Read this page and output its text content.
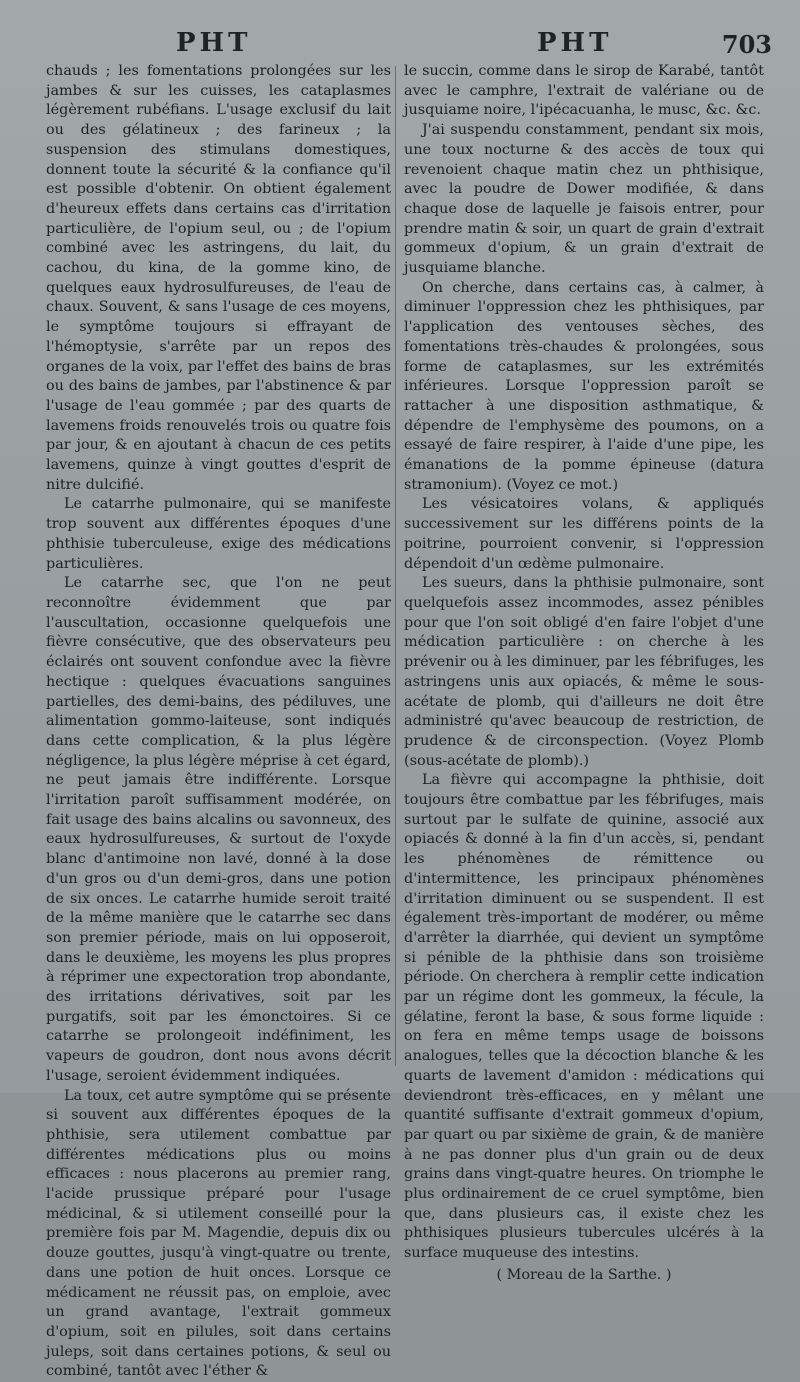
PHT	PHT	703

chauds ; les fomentations prolongées sur les jambes & sur les cuisses, les cataplasmes légèrement rubéfians. L'usage exclusif du lait ou des gélatineux ; des farineux ; la suspension des stimulans domestiques, donnent toute la sécurité & la confiance qu'il est possible d'obtenir. On obtient également d'heureux effets dans certains cas d'irritation particulière, de l'opium seul, ou ; de l'opium combiné avec les astringens, du lait, du cachou, du kina, de la gomme kino, de quelques eaux hydrosulfureuses, de l'eau de chaux. Souvent, & sans l'usage de ces moyens, le symptôme toujours si effrayant de l'hémoptysie, s'arrête par un repos des organes de la voix, par l'effet des bains de bras ou des bains de jambes, par l'abstinence & par l'usage de l'eau gommée ; par des quarts de lavemens froids renouvelés trois ou quatre fois par jour, & en ajoutant à chacun de ces petits lavemens, quinze à vingt gouttes d'esprit de nitre dulcifié.

Le catarrhe pulmonaire, qui se manifeste trop souvent aux différentes époques d'une phthisie tuberculeuse, exige des médications particulières.

Le catarrhe sec, que l'on ne peut reconnoître évidemment que par l'auscultation, occasionne quelquefois une fièvre consécutive, que des observateurs peu éclairés ont souvent confondue avec la fièvre hectique : quelques évacuations sanguines partielles, des demi-bains, des pédiluves, une alimentation gommo-laiteuse, sont indiqués dans cette complication, & la plus légère négligence, la plus légère méprise à cet égard, ne peut jamais être indifférente. Lorsque l'irritation paroît suffisamment modérée, on fait usage des bains alcalins ou savonneux, des eaux hydrosulfureuses, & surtout de l'oxyde blanc d'antimoine non lavé, donné à la dose d'un gros ou d'un demi-gros, dans une potion de six onces. Le catarrhe humide seroit traité de la même manière que le catarrhe sec dans son premier période, mais on lui opposeroit, dans le deuxième, les moyens les plus propres à réprimer une expectoration trop abondante, des irritations dérivatives, soit par les purgatifs, soit par les émonctoires. Si ce catarrhe se prolongeoit indéfiniment, les vapeurs de goudron, dont nous avons décrit l'usage, seroient évidemment indiquées.

La toux, cet autre symptôme qui se présente si souvent aux différentes époques de la phthisie, sera utilement combattue par différentes médications plus ou moins efficaces : nous placerons au premier rang, l'acide prussique préparé pour l'usage médicinal, & si utilement conseillé pour la première fois par M. Magendie, depuis dix ou douze gouttes, jusqu'à vingt-quatre ou trente, dans une potion de huit onces. Lorsque ce médicament ne réussit pas, on emploie, avec un grand avantage, l'extrait gommeux d'opium, soit en pilules, soit dans certains juleps, soit dans certaines potions, & seul ou combiné, tantôt avec l'éther &

le succin, comme dans le sirop de Karabé, tantôt avec le camphre, l'extrait de valériane ou de jusquiame noire, l'ipécacuanha, le musc, &c. &c.

J'ai suspendu constamment, pendant six mois, une toux nocturne & des accès de toux qui revenoient chaque matin chez un phthisique, avec la poudre de Dower modifiée, & dans chaque dose de laquelle je faisois entrer, pour prendre matin & soir, un quart de grain d'extrait gommeux d'opium, & un grain d'extrait de jusquiame blanche.

On cherche, dans certains cas, à calmer, à diminuer l'oppression chez les phthisiques, par l'application des ventouses sèches, des fomentations très-chaudes & prolongées, sous forme de cataplasmes, sur les extrémités inférieures. Lorsque l'oppression paroît se rattacher à une disposition asthmatique, & dépendre de l'emphysème des poumons, on a essayé de faire respirer, à l'aide d'une pipe, les émanations de la pomme épineuse (datura stramonium). (Voyez ce mot.)

Les vésicatoires volans, & appliqués successivement sur les différens points de la poitrine, pourroient convenir, si l'oppression dépendoit d'un œdème pulmonaire.

Les sueurs, dans la phthisie pulmonaire, sont quelquefois assez incommodes, assez pénibles pour que l'on soit obligé d'en faire l'objet d'une médication particulière : on cherche à les prévenir ou à les diminuer, par les fébrifuges, les astringens unis aux opiacés, & même le sous-acétate de plomb, qui d'ailleurs ne doit être administré qu'avec beaucoup de restriction, de prudence & de circonspection. (Voyez Plomb (sous-acétate de plomb).)

La fièvre qui accompagne la phthisie, doit toujours être combattue par les fébrifuges, mais surtout par le sulfate de quinine, associé aux opiacés & donné à la fin d'un accès, si, pendant les phénomènes de rémittence ou d'intermittence, les principaux phénomènes d'irritation diminuent ou se suspendent. Il est également très-important de modérer, ou même d'arrêter la diarrhée, qui devient un symptôme si pénible de la phthisie dans son troisième période. On cherchera à remplir cette indication par un régime dont les gommeux, la fécule, la gélatine, feront la base, & sous forme liquide : on fera en même temps usage de boissons analogues, telles que la décoction blanche & les quarts de lavement d'amidon : médications qui deviendront très-efficaces, en y mêlant une quantité suffisante d'extrait gommeux d'opium, par quart ou par sixième de grain, & de manière à ne pas donner plus d'un grain ou de deux grains dans vingt-quatre heures. On triomphe le plus ordinairement de ce cruel symptôme, bien que, dans plusieurs cas, il existe chez les phthisiques plusieurs tubercules ulcérés à la surface muqueuse des intestins.

( Moreau de la Sarthe. )
